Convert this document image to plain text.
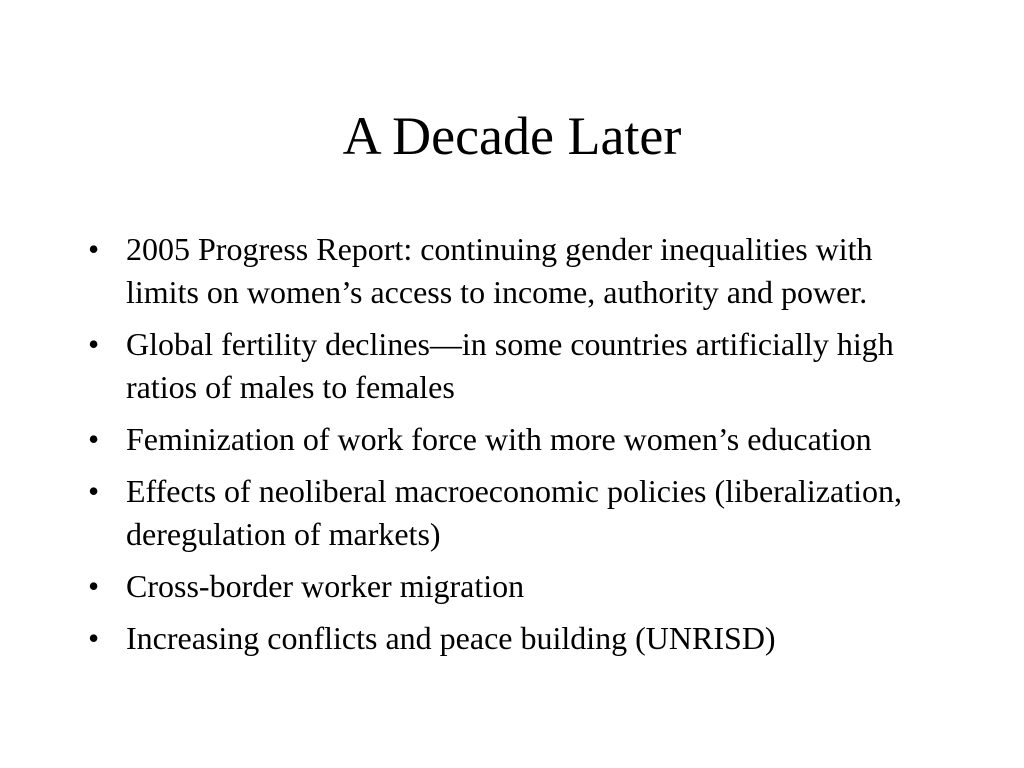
A Decade Later
• 2005 Progress Report: continuing gender inequalities with limits on women’s access to income, authority and power.
• Global fertility declines—in some countries artificially high ratios of males to females
• Feminization of work force with more women’s education
• Effects of neoliberal macroeconomic policies (liberalization, deregulation of markets)
• Cross-border worker migration
• Increasing conflicts and peace building (UNRISD)
